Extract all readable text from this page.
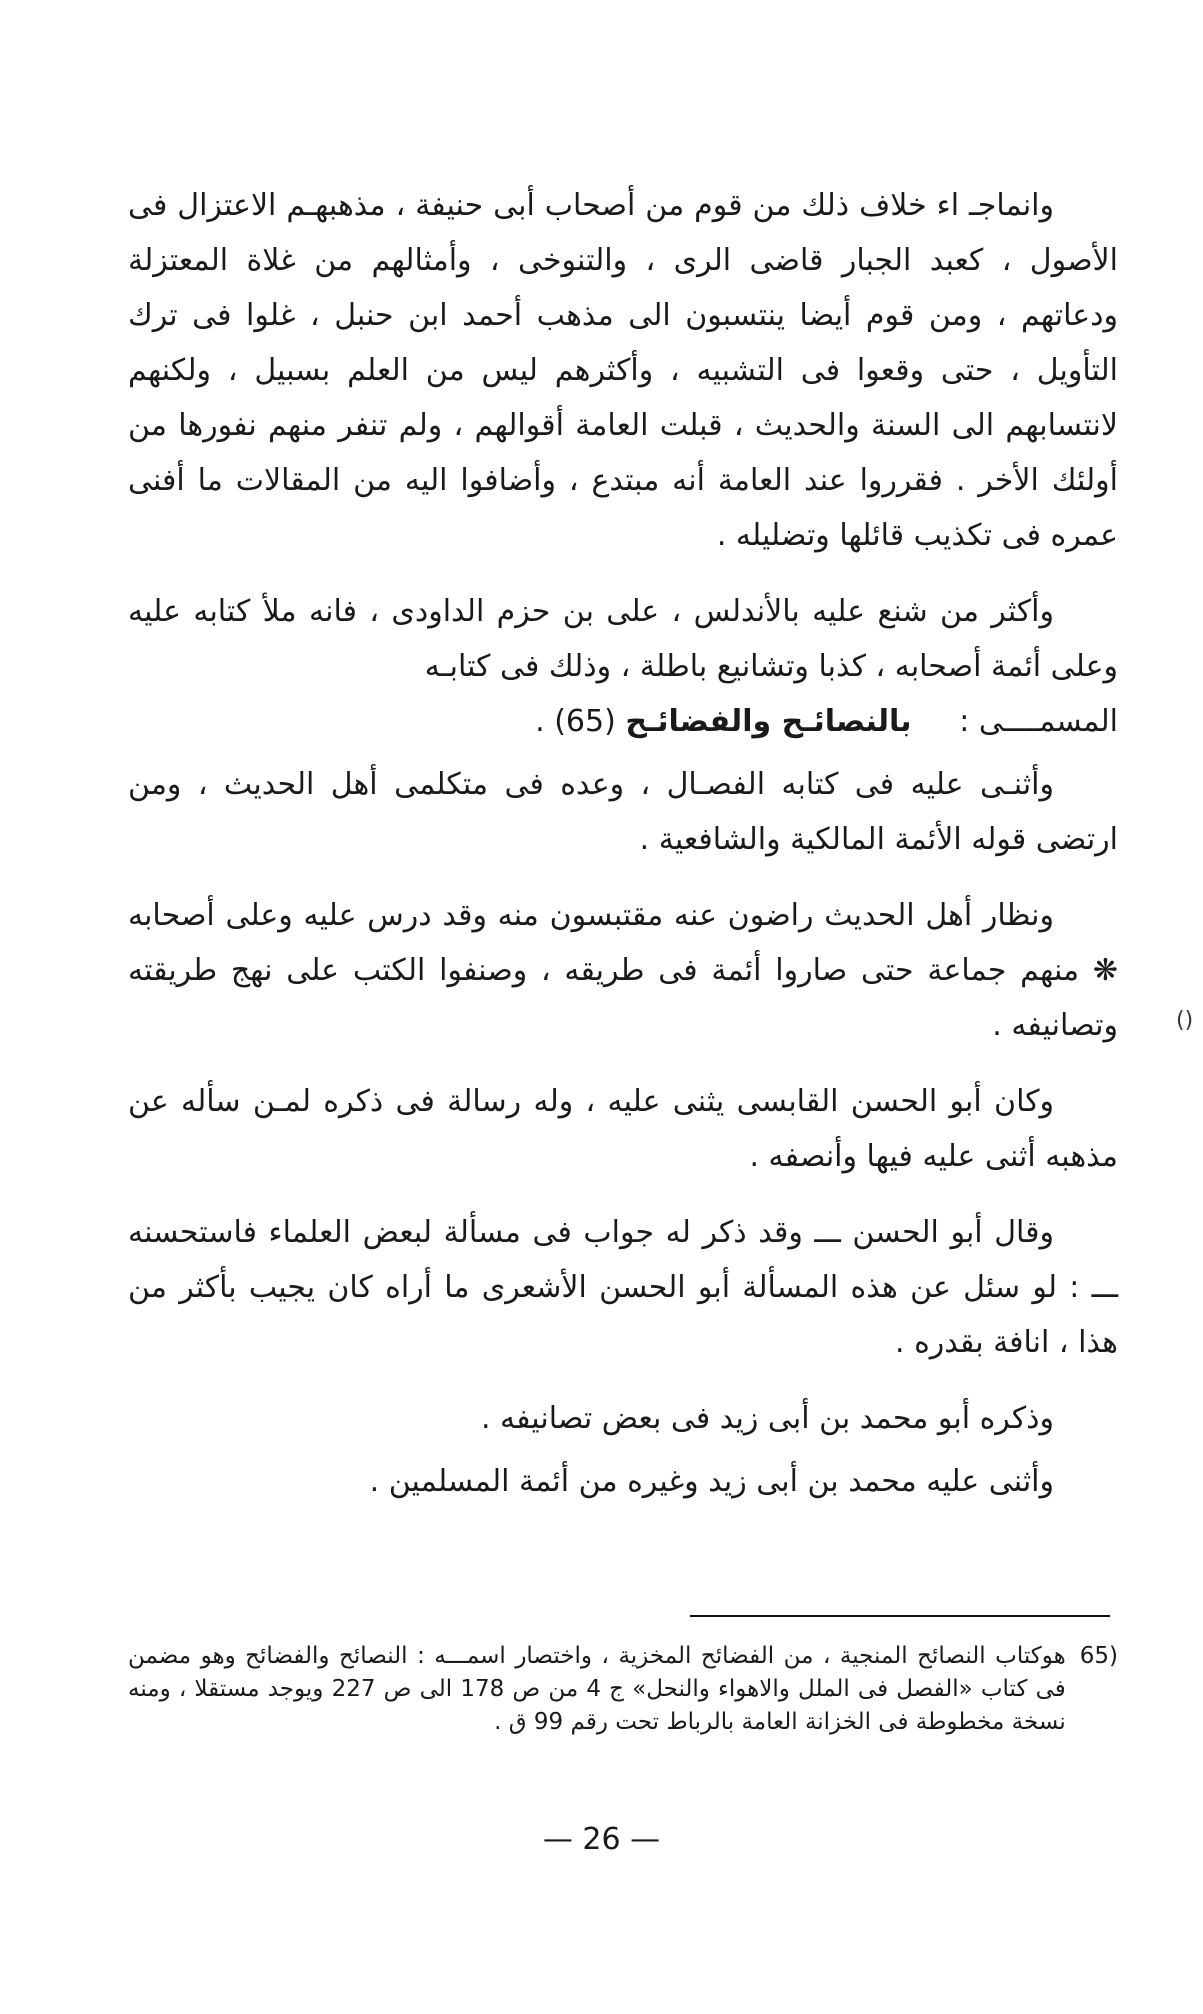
وانماجـ اء خلاف ذلك من قوم من أصحاب أبى حنيفة ، مذهبهـم الاعتزال فى الأصول ، كعبد الجبار قاضى الرى ، والتنوخى ، وأمثالهم من غلاة المعتزلة ودعاتهم ، ومن قوم أيضا ينتسبون الى مذهب أحمد ابن حنبل ، غلوا فى ترك التأويل ، حتى وقعوا فى التشبيه ، وأكثرهم ليس من العلم بسبيل ، ولكنهم لانتسابهم الى السنة والحديث ، قبلت العامة أقوالهم ، ولم تنفر منهم نفورها من أولئك الأخر . فقرروا عند العامة أنه مبتدع ، وأضافوا اليه من المقالات ما أفنى عمره فى تكذيب قائلها وتضليله .

وأكثر من شنع عليه بالأندلس ، على بن حزم الداودى ، فانه ملأ كتابه عليه وعلى أئمة أصحابه ، كذبا وتشانيع باطلة ، وذلك فى كتابـه
المسمــــى :     بالنصائـح والفضائـح (65) .

وأثنـى عليه فى كتابه الفصـال ، وعده فى متكلمى أهل الحديث ، ومن ارتضى قوله الأئمة المالكية والشافعية .

ونظار أهل الحديث راضون عنه مقتبسون منه وقد درس عليه وعلى أصحابه ❋ منهم جماعة حتى صاروا أئمة فى طريقه ، وصنفوا الكتب على نهج طريقته وتصانيفه .

وكان أبو الحسن القابسى يثنى عليه ، وله رسالة فى ذكره لمـن سأله عن مذهبه أثنى عليه فيها وأنصفه .

وقال أبو الحسن ـــ وقد ذكر له جواب فى مسألة لبعض العلماء فاستحسنه ـــ : لو سئل عن هذه المسألة أبو الحسن الأشعرى ما أراه كان يجيب بأكثر من هذا ، انافة بقدره .

وذكره أبو محمد بن أبى زيد فى بعض تصانيفه .

وأثنى عليه محمد بن أبى زيد وغيره من أئمة المسلمين .

()
65)
هوكتاب النصائح المنجية ، من الفضائح المخزية ، واختصار اسمـــه : النصائح والفضائح وهو مضمن فى كتاب «الفصل فى الملل والاهواء والنحل» ج 4 من ص 178 الى ص 227 ويوجد مستقلا ، ومنه نسخة مخطوطة فى الخزانة العامة بالرباط تحت رقم 99 ق .
— 26 —
